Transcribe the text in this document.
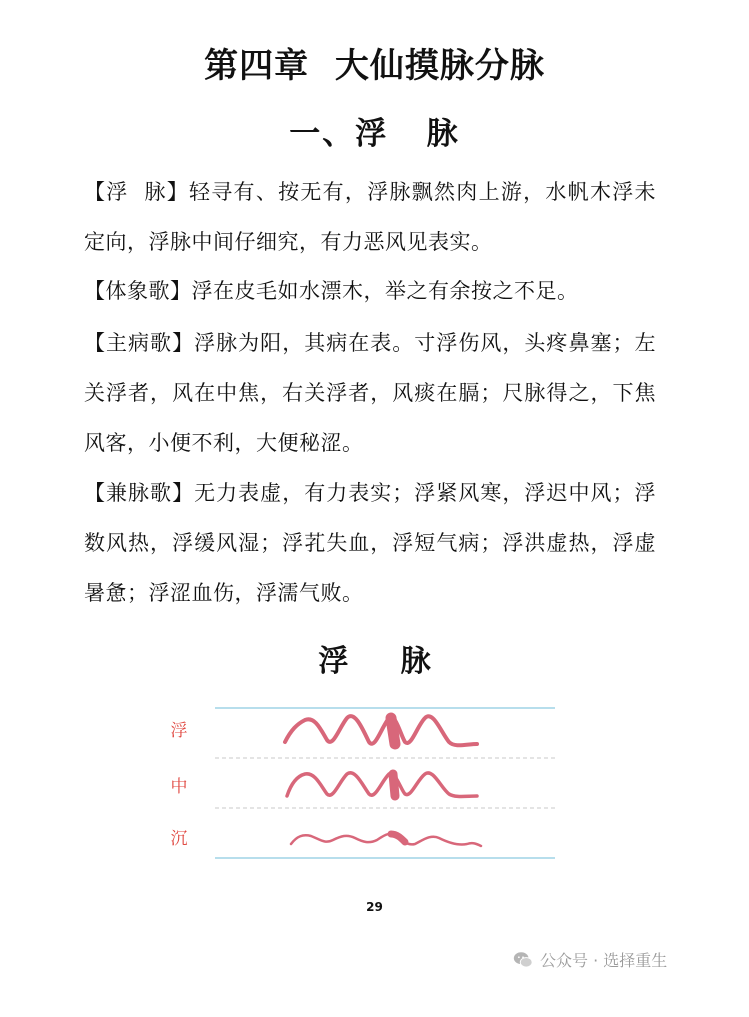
第四章  大仙摸脉分脉
一、浮   脉
【浮  脉】轻寻有、按无有，浮脉飘然肉上游，水帆木浮未定向，浮脉中间仔细究，有力恶风见表实。
【体象歌】浮在皮毛如水漂木，举之有余按之不足。
【主病歌】浮脉为阳，其病在表。寸浮伤风，头疼鼻塞；左关浮者，风在中焦，右关浮者，风痰在膈；尺脉得之，下焦风客，小便不利，大便秘涩。
【兼脉歌】无力表虚，有力表实；浮紧风寒，浮迟中风；浮数风热，浮缓风湿；浮芤失血，浮短气病；浮洪虚热，浮虚暑惫；浮涩血伤，浮濡气败。
浮     脉
浮
中
沉
29
公众号 · 选择重生
